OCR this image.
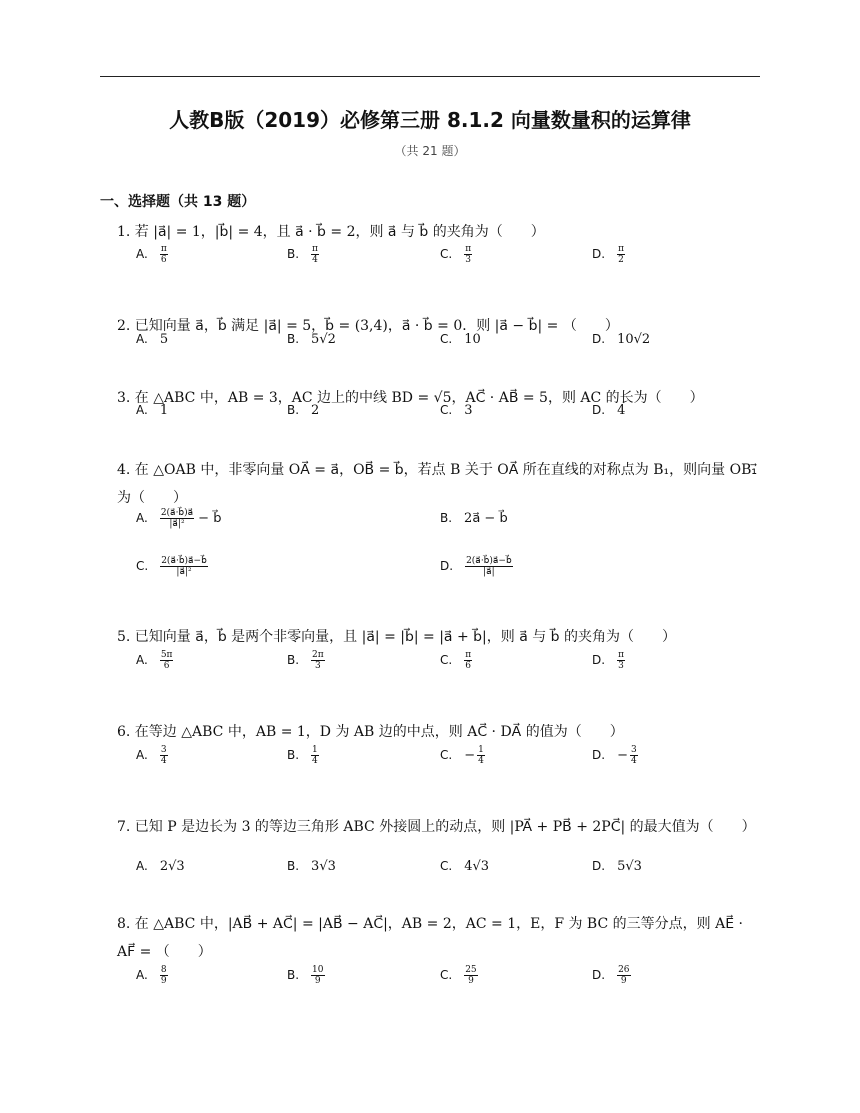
人教B版（2019）必修第三册 8.1.2 向量数量积的运算律
（共 21 题）
一、选择题（共 13 题）
1. 若 |a⃗| = 1，|b⃗| = 4，且 a⃗ · b⃗ = 2，则 a⃗ 与 b⃗ 的夹角为（　　）
A. $\frac{\pi}{6}$	B. $\frac{\pi}{4}$	C. $\frac{\pi}{3}$	D. $\frac{\pi}{2}$
2. 已知向量 a⃗，b⃗ 满足 |a⃗| = 5，b⃗ = (3,4)，a⃗ · b⃗ = 0．则 |a⃗ − b⃗| = （　　）
A. 5	B. 5√2	C. 10	D. 10√2
3. 在 △ABC 中，AB = 3，AC 边上的中线 BD = √5，AC⃗ · AB⃗ = 5，则 AC 的长为（　　）
A. 1	B. 2	C. 3	D. 4
4. 在 △OAB 中，非零向量 OA⃗ = a⃗，OB⃗ = b⃗，若点 B 关于 OA⃗ 所在直线的对称点为 B₁，则向量 OB₁⃗ 为（　　）
A. $\frac{2(a⃗\cdot b⃗)a⃗}{\text{|a⃗|²}}$ − b⃗	B. 2a⃗ − b⃗
C. $\frac{2(a⃗\cdot b⃗)a⃗-b⃗}{\text{|a⃗|²}}$	D. $\frac{2(a⃗\cdot b⃗)a⃗-b⃗}{|a⃗|}$
5. 已知向量 a⃗，b⃗ 是两个非零向量，且 |a⃗| = |b⃗| = |a⃗ + b⃗|，则 a⃗ 与 b⃗ 的夹角为（　　）
A. $\frac{5\pi}{6}$	B. $\frac{2\pi}{3}$	C. $\frac{\pi}{6}$	D. $\frac{\pi}{3}$
6. 在等边 △ABC 中，AB = 1，D 为 AB 边的中点，则 AC⃗ · DA⃗ 的值为（　　）
A. $\frac{3}{4}$	B. $\frac{1}{4}$	C. − $\frac{1}{4}$	D. − $\frac{3}{4}$
7. 已知 P 是边长为 3 的等边三角形 ABC 外接圆上的动点，则 |PA⃗ + PB⃗ + 2PC⃗| 的最大值为（　　）
A. 2√3	B. 3√3	C. 4√3	D. 5√3
8. 在 △ABC 中，|AB⃗ + AC⃗| = |AB⃗ − AC⃗|，AB = 2，AC = 1，E，F 为 BC 的三等分点，则 AE⃗ · AF⃗ = （　　）
A. $\frac{8}{9}$	B. $\frac{10}{9}$	C. $\frac{25}{9}$	D. $\frac{26}{9}$
